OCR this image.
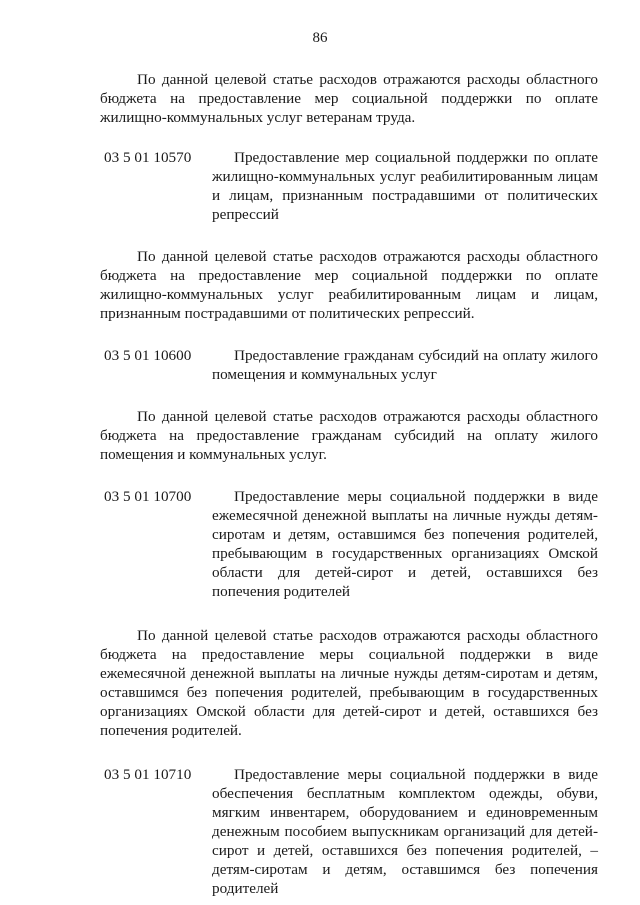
86

По данной целевой статье расходов отражаются расходы областного бюджета на предоставление мер социальной поддержки по оплате жилищно-коммунальных услуг ветеранам труда.

03 5 01 10570	Предоставление мер социальной поддержки по оплате жилищно-коммунальных услуг реабилитированным лицам и лицам, признанным пострадавшими от политических репрессий

По данной целевой статье расходов отражаются расходы областного бюджета на предоставление мер социальной поддержки по оплате жилищно-коммунальных услуг реабилитированным лицам и лицам, признанным пострадавшими от политических репрессий.

03 5 01 10600	Предоставление гражданам субсидий на оплату жилого помещения и коммунальных услуг

По данной целевой статье расходов отражаются расходы областного бюджета на предоставление гражданам субсидий на оплату жилого помещения и коммунальных услуг.

03 5 01 10700	Предоставление меры социальной поддержки в виде ежемесячной денежной выплаты на личные нужды детям-сиротам и детям, оставшимся без попечения родителей, пребывающим в государственных организациях Омской области для детей-сирот и детей, оставшихся без попечения родителей

По данной целевой статье расходов отражаются расходы областного бюджета на предоставление меры социальной поддержки в виде ежемесячной денежной выплаты на личные нужды детям-сиротам и детям, оставшимся без попечения родителей, пребывающим в государственных организациях Омской области для детей-сирот и детей, оставшихся без попечения родителей.

03 5 01 10710	Предоставление меры социальной поддержки в виде обеспечения бесплатным комплектом одежды, обуви, мягким инвентарем, оборудованием и единовременным денежным пособием выпускникам организаций для детей-сирот и детей, оставшихся без попечения родителей, – детям-сиротам и детям, оставшимся без попечения родителей
